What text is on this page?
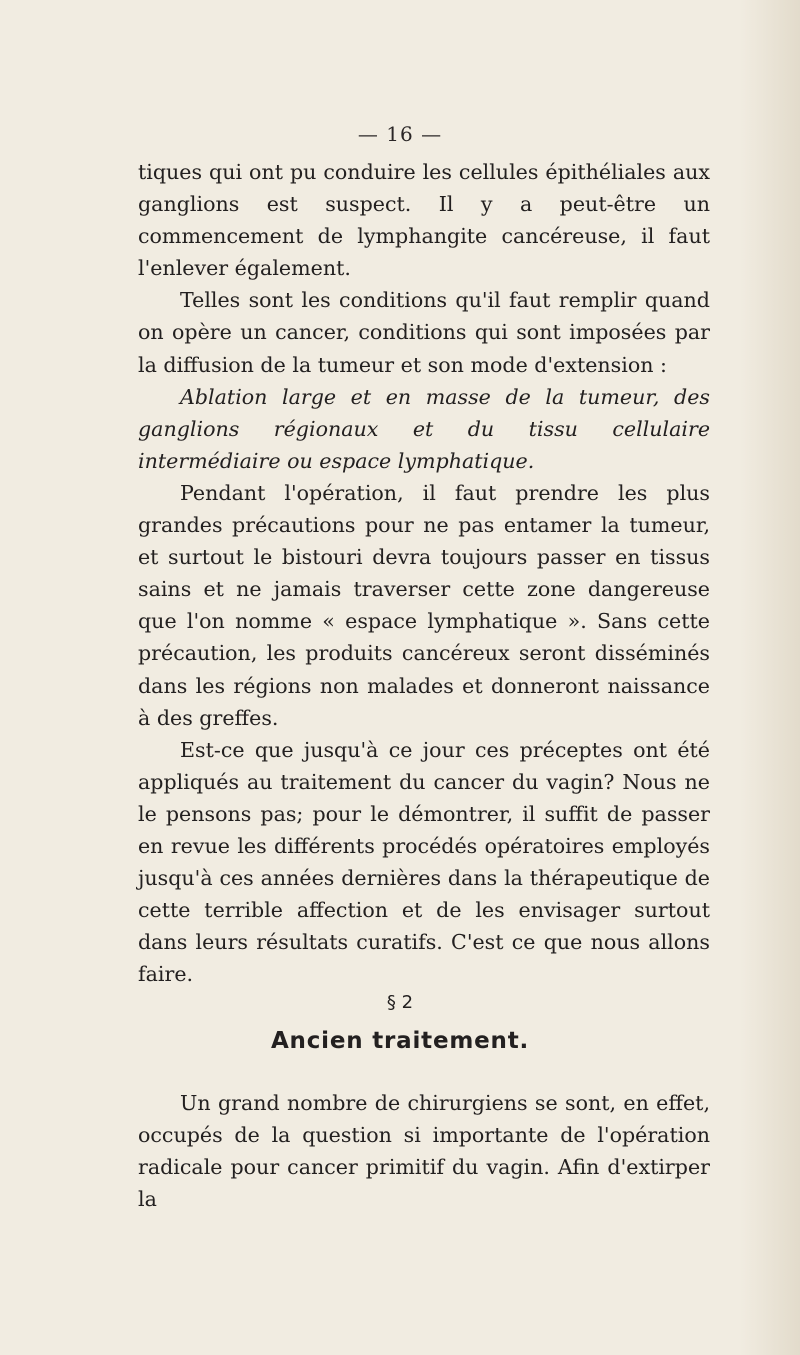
— 16 —

tiques qui ont pu conduire les cellules épithéliales aux ganglions est suspect. Il y a peut-être un commencement de lymphangite cancéreuse, il faut l'enlever également.

Telles sont les conditions qu'il faut remplir quand on opère un cancer, conditions qui sont imposées par la diffusion de la tumeur et son mode d'extension :

Ablation large et en masse de la tumeur, des ganglions régionaux et du tissu cellulaire intermédiaire ou espace lymphatique.

Pendant l'opération, il faut prendre les plus grandes précautions pour ne pas entamer la tumeur, et surtout le bistouri devra toujours passer en tissus sains et ne jamais traverser cette zone dangereuse que l'on nomme « espace lymphatique ». Sans cette précaution, les produits cancéreux seront disséminés dans les régions non malades et donneront naissance à des greffes.

Est-ce que jusqu'à ce jour ces préceptes ont été appliqués au traitement du cancer du vagin? Nous ne le pensons pas; pour le démontrer, il suffit de passer en revue les différents procédés opératoires employés jusqu'à ces années dernières dans la thérapeutique de cette terrible affection et de les envisager surtout dans leurs résultats curatifs. C'est ce que nous allons faire.

§ 2
Ancien traitement.

Un grand nombre de chirurgiens se sont, en effet, occupés de la question si importante de l'opération radicale pour cancer primitif du vagin. Afin d'extirper la
